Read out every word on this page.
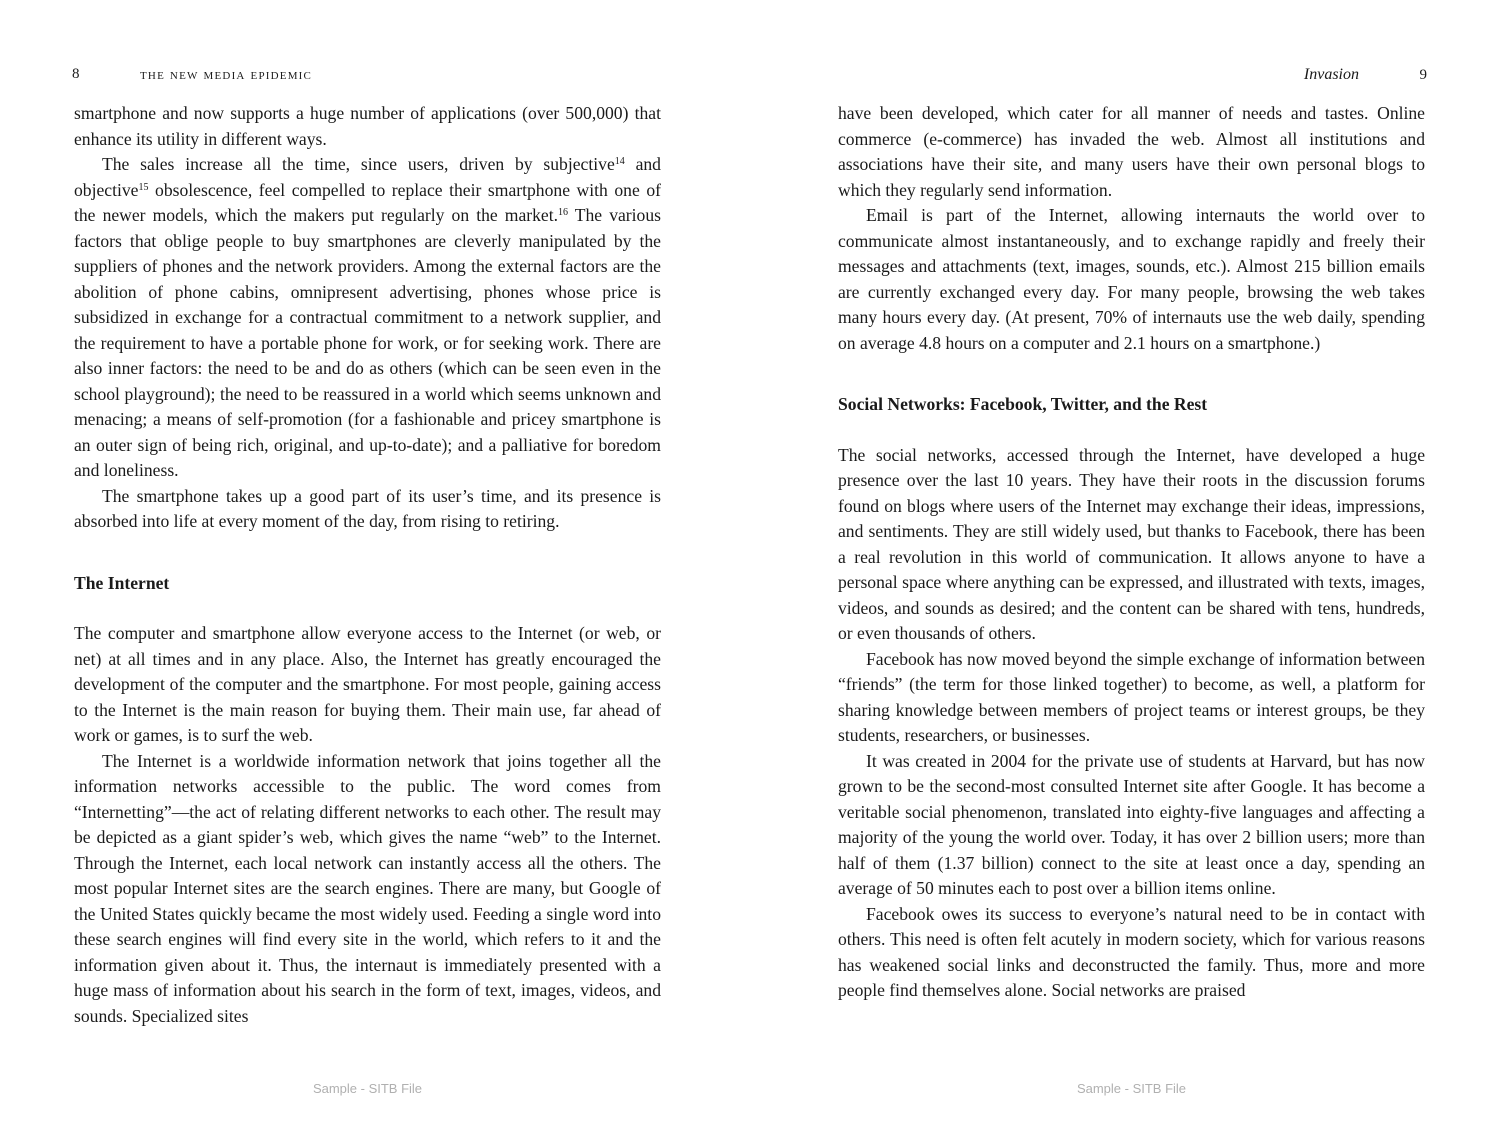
8	the new media epidemic

smartphone and now supports a huge number of applications (over 500,000) that enhance its utility in different ways.

The sales increase all the time, since users, driven by subjective$^{14}$ and objective$^{15}$ obsolescence, feel compelled to replace their smartphone with one of the newer models, which the makers put regularly on the market.$^{16}$ The various factors that oblige people to buy smartphones are cleverly manipulated by the suppliers of phones and the network providers. Among the external factors are the abolition of phone cabins, omnipresent advertising, phones whose price is subsidized in exchange for a contractual commitment to a network supplier, and the requirement to have a portable phone for work, or for seeking work. There are also inner factors: the need to be and do as others (which can be seen even in the school playground); the need to be reassured in a world which seems unknown and menacing; a means of self-promotion (for a fashionable and pricey smartphone is an outer sign of being rich, original, and up-to-date); and a palliative for boredom and loneliness.

The smartphone takes up a good part of its user’s time, and its presence is absorbed into life at every moment of the day, from rising to retiring.

The Internet

The computer and smartphone allow everyone access to the Internet (or web, or net) at all times and in any place. Also, the Internet has greatly encouraged the development of the computer and the smartphone. For most people, gaining access to the Internet is the main reason for buying them. Their main use, far ahead of work or games, is to surf the web.

The Internet is a worldwide information network that joins together all the information networks accessible to the public. The word comes from “Internetting”—the act of relating different networks to each other. The result may be depicted as a giant spider’s web, which gives the name “web” to the Internet. Through the Internet, each local network can instantly access all the others. The most popular Internet sites are the search engines. There are many, but Google of the United States quickly became the most widely used. Feeding a single word into these search engines will find every site in the world, which refers to it and the information given about it. Thus, the internaut is immediately presented with a huge mass of information about his search in the form of text, images, videos, and sounds. Specialized sites

Sample - SITB File
Invasion	9

have been developed, which cater for all manner of needs and tastes. Online commerce (e-commerce) has invaded the web. Almost all institutions and associations have their site, and many users have their own personal blogs to which they regularly send information.

Email is part of the Internet, allowing internauts the world over to communicate almost instantaneously, and to exchange rapidly and freely their messages and attachments (text, images, sounds, etc.). Almost 215 billion emails are currently exchanged every day. For many people, browsing the web takes many hours every day. (At present, 70% of internauts use the web daily, spending on average 4.8 hours on a computer and 2.1 hours on a smartphone.)

Social Networks: Facebook, Twitter, and the Rest

The social networks, accessed through the Internet, have developed a huge presence over the last 10 years. They have their roots in the discussion forums found on blogs where users of the Internet may exchange their ideas, impressions, and sentiments. They are still widely used, but thanks to Facebook, there has been a real revolution in this world of communication. It allows anyone to have a personal space where anything can be expressed, and illustrated with texts, images, videos, and sounds as desired; and the content can be shared with tens, hundreds, or even thousands of others.

Facebook has now moved beyond the simple exchange of information between “friends” (the term for those linked together) to become, as well, a platform for sharing knowledge between members of project teams or interest groups, be they students, researchers, or businesses.

It was created in 2004 for the private use of students at Harvard, but has now grown to be the second-most consulted Internet site after Google. It has become a veritable social phenomenon, translated into eighty-five languages and affecting a majority of the young the world over. Today, it has over 2 billion users; more than half of them (1.37 billion) connect to the site at least once a day, spending an average of 50 minutes each to post over a billion items online.

Facebook owes its success to everyone’s natural need to be in contact with others. This need is often felt acutely in modern society, which for various reasons has weakened social links and deconstructed the family. Thus, more and more people find themselves alone. Social networks are praised

Sample - SITB File
